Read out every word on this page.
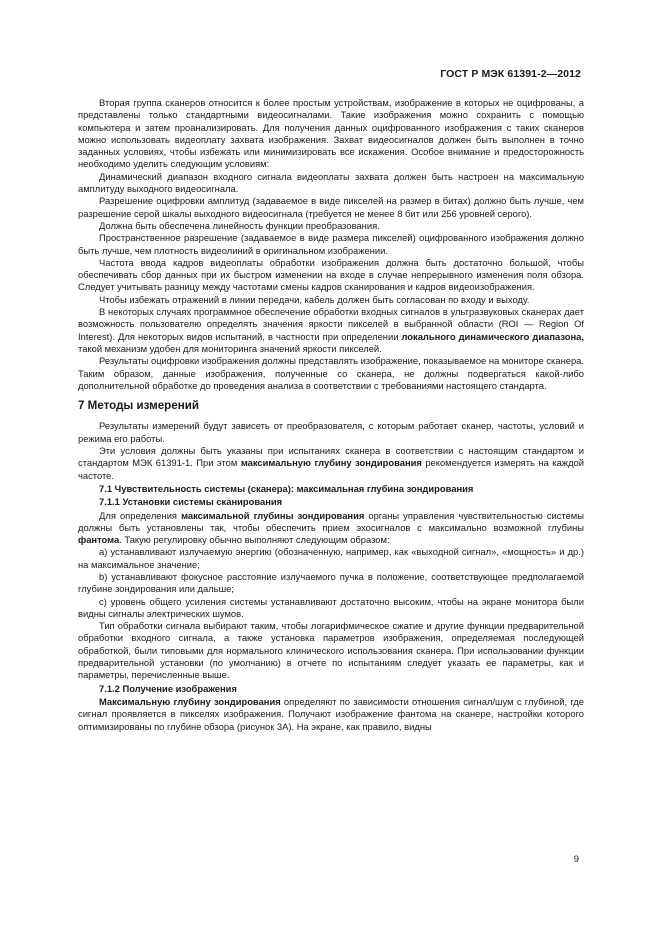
ГОСТ Р МЭК 61391-2—2012

Вторая группа сканеров относится к более простым устройствам, изображение в которых не оцифрованы, а представлены только стандартными видеосигналами. Такие изображения можно сохранить с помощью компьютера и затем проанализировать. Для получения данных оцифрованного изображения с таких сканеров можно использовать видеоплату захвата изображения. Захват видеосигналов должен быть выполнен в точно заданных условиях, чтобы избежать или минимизировать все искажения. Особое внимание и предосторожность необходимо уделить следующим условиям:

Динамический диапазон входного сигнала видеоплаты захвата должен быть настроен на максимальную амплитуду выходного видеосигнала.

Разрешение оцифровки амплитуд (задаваемое в виде пикселей на размер в битах) должно быть лучше, чем разрешение серой шкалы выходного видеосигнала (требуется не менее 8 бит или 256 уровней серого).

Должна быть обеспечена линейность функции преобразования.

Пространственное разрешение (задаваемое в виде размера пикселей) оцифрованного изображения должно быть лучше, чем плотность видеолиний в оригинальном изображении.

Частота ввода кадров видеоплаты обработки изображения должна быть достаточно большой, чтобы обеспечивать сбор данных при их быстром изменении на входе в случае непрерывного изменения поля обзора. Следует учитывать разницу между частотами смены кадров сканирования и кадров видеоизображения.

Чтобы избежать отражений в линии передачи, кабель должен быть согласован по входу и выходу.

В некоторых случаях программное обеспечение обработки входных сигналов в ультразвуковых сканерах дает возможность пользователю определять значения яркости пикселей в выбранной области (ROI — Region Of Interest). Для некоторых видов испытаний, в частности при определении локального динамического диапазона, такой механизм удобен для мониторинга значений яркости пикселей.

Результаты оцифровки изображения должны представлять изображение, показываемое на мониторе сканера. Таким образом, данные изображения, полученные со сканера, не должны подвергаться какой-либо дополнительной обработке до проведения анализа в соответствии с требованиями настоящего стандарта.

7 Методы измерений

Результаты измерений будут зависеть от преобразователя, с которым работает сканер, частоты, условий и режима его работы.

Эти условия должны быть указаны при испытаниях сканера в соответствии с настоящим стандартом и стандартом МЭК 61391-1. При этом максимальную глубину зондирования рекомендуется измерять на каждой частоте.

7.1 Чувствительность системы (сканера): максимальная глубина зондирования

7.1.1 Установки системы сканирования

Для определения максимальной глубины зондирования органы управления чувствительностью системы должны быть установлены так, чтобы обеспечить прием эхосигналов с максимально возможной глубины фантома. Такую регулировку обычно выполняют следующим образом:

а) устанавливают излучаемую энергию (обозначенную, например, как «выходной сигнал», «мощность» и др.) на максимальное значение;

b) устанавливают фокусное расстояние излучаемого пучка в положение, соответствующее предполагаемой глубине зондирования или дальше;

c) уровень общего усиления системы устанавливают достаточно высоким, чтобы на экране монитора были видны сигналы электрических шумов.

Тип обработки сигнала выбирают таким, чтобы логарифмическое сжатие и другие функции предварительной обработки входного сигнала, а также установка параметров изображения, определяемая последующей обработкой, были типовыми для нормального клинического использования сканера. При использовании функции предварительной установки (по умолчанию) в отчете по испытаниям следует указать ее параметры, как и параметры, перечисленные выше.

7.1.2 Получение изображения

Максимальную глубину зондирования определяют по зависимости отношения сигнал/шум с глубиной, где сигнал проявляется в пикселях изображения. Получают изображение фантома на сканере, настройки которого оптимизированы по глубине обзора (рисунок 3А). На экране, как правило, видны

9
